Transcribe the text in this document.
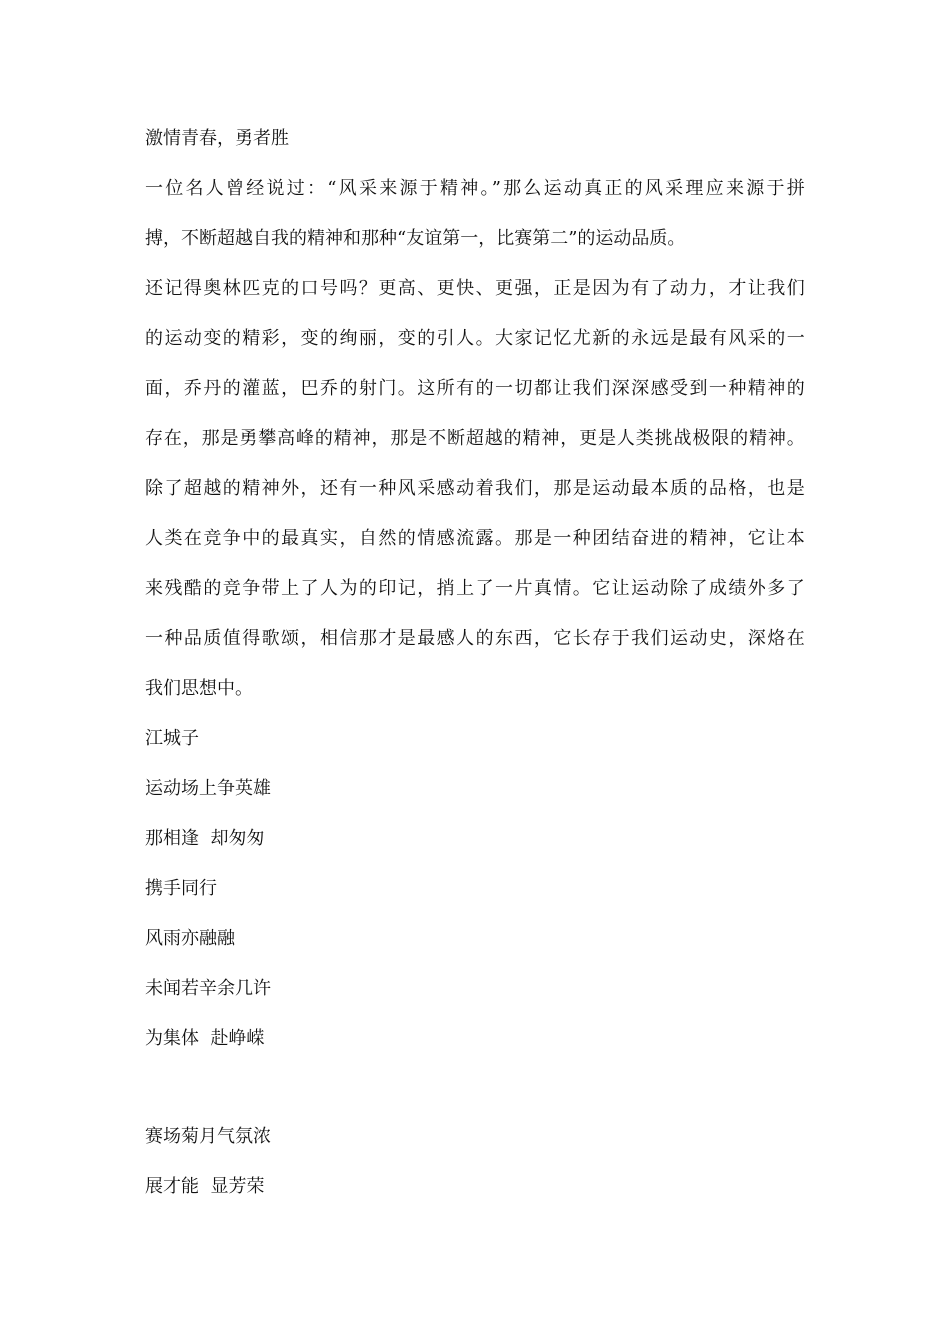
激情青春，勇者胜

一位名人曾经说过：“风采来源于精神。”那么运动真正的风采理应来源于拼

搏，不断超越自我的精神和那种“友谊第一，比赛第二”的运动品质。

还记得奥林匹克的口号吗？更高、更快、更强，正是因为有了动力，才让我们

的运动变的精彩，变的绚丽，变的引人。大家记忆尤新的永远是最有风采的一

面，乔丹的灌蓝，巴乔的射门。这所有的一切都让我们深深感受到一种精神的

存在，那是勇攀高峰的精神，那是不断超越的精神，更是人类挑战极限的精神。

除了超越的精神外，还有一种风采感动着我们，那是运动最本质的品格，也是

人类在竞争中的最真实，自然的情感流露。那是一种团结奋进的精神，它让本

来残酷的竞争带上了人为的印记，捎上了一片真情。它让运动除了成绩外多了

一种品质值得歌颂，相信那才是最感人的东西，它长存于我们运动史，深烙在

我们思想中。

江城子

运动场上争英雄

那相逢  却匆匆

携手同行

风雨亦融融

未闻若辛余几许

为集体  赴峥嵘

赛场菊月气氛浓

展才能  显芳荣
